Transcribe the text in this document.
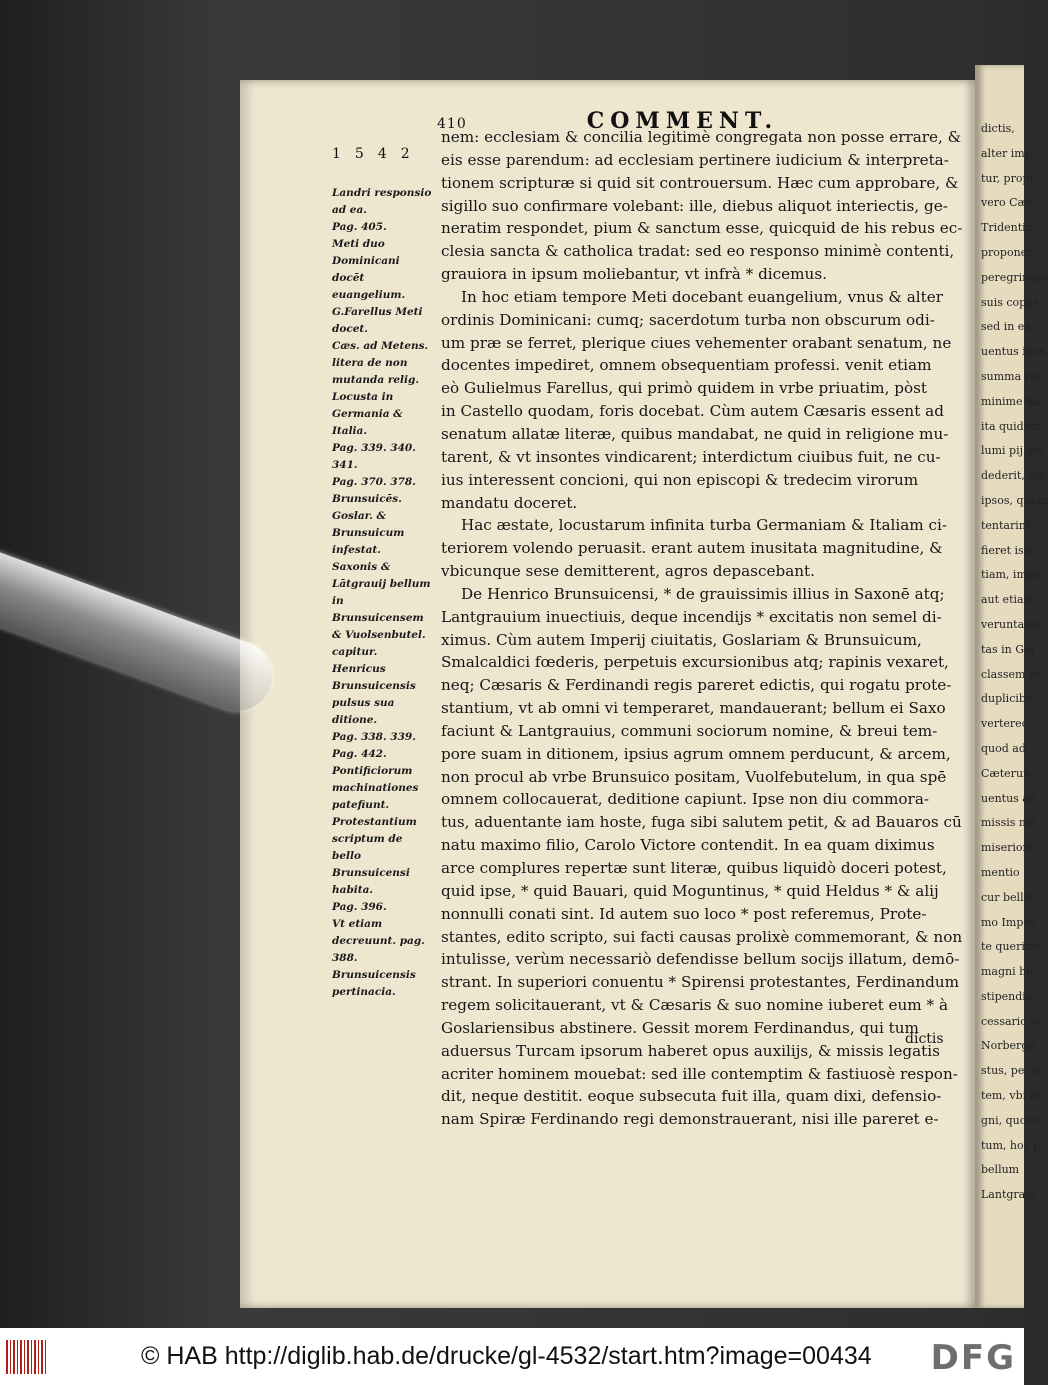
dictis,
alter imp
tur, propt
vero Cæs
Tridentin
proponer
peregrinum
suis copijs
sed in ea
uentus illos
summa rei
minime ita
ita quidem
lumi pij me
dederit, qui
ipsos, quem
tentarint
fieret isti
tiam, impe
aut etiam
veruntame
tas in Ger
classem et
duplicibe
verterec
quod ad
Cæterun
uentus ad
missis me
miseriori
mentio
cur bellic
mo Imper
te querime
magni hic
stipendio
cessario te
Norberga
stus, per in
tem, vbi N
gni, quoru
tum, hoc p
bellum
Lantgraui
410	COMMENT.
1542
Landri responsio ad ea.
Pag. 405.
Meti duo Dominicani docēt euangelium.
G.Farellus Meti docet.
Cæs. ad Metens. litera de non mutanda relig.
Locusta in Germania & Italia.
Pag. 339. 340. 341.
Pag. 370. 378.
Brunsuicēs. Goslar. & Brunsuicum infestat.
Saxonis & Lātgrauij bellum in Brunsuicensem & Vuolsenbutel. capitur.
Henricus Brunsuicensis pulsus sua ditione.
Pag. 338. 339.
Pag. 442.
Pontificiorum machinationes patefiunt.
Protestantium scriptum de bello Brunsuicensi habita.
Pag. 396.
Vt etiam decreuunt. pag. 388.
Brunsuicensis pertinacia.
nem: ecclesiam & concilia legitimè congregata non posse errare, &
eis esse parendum: ad ecclesiam pertinere iudicium & interpreta-
tionem scripturæ si quid sit controuersum. Hæc cum approbare, &
sigillo suo confirmare volebant: ille, diebus aliquot interiectis, ge-
neratim respondet, pium & sanctum esse, quicquid de his rebus ec-
clesia sancta & catholica tradat: sed eo responso minimè contenti,
grauiora in ipsum moliebantur, vt infrà * dicemus.
In hoc etiam tempore Meti docebant euangelium, vnus & alter
ordinis Dominicani: cumq; sacerdotum turba non obscurum odi-
um præ se ferret, plerique ciues vehementer orabant senatum, ne
docentes impediret, omnem obsequentiam professi. venit etiam
eò Gulielmus Farellus, qui primò quidem in vrbe priuatim, pòst
in Castello quodam, foris docebat. Cùm autem Cæsaris essent ad
senatum allatæ literæ, quibus mandabat, ne quid in religione mu-
tarent, & vt insontes vindicarent; interdictum ciuibus fuit, ne cu-
ius interessent concioni, qui non episcopi & tredecim virorum
mandatu doceret.
Hac æstate, locustarum infinita turba Germaniam & Italiam ci-
teriorem volendo peruasit. erant autem inusitata magnitudine, &
vbicunque sese demitterent, agros depascebant.
De Henrico Brunsuicensi, * de grauissimis illius in Saxonē atq;
Lantgrauium inuectiuis, deque incendijs * excitatis non semel di-
ximus. Cùm autem Imperij ciuitatis, Goslariam & Brunsuicum,
Smalcaldici fœderis, perpetuis excursionibus atq; rapinis vexaret,
neq; Cæsaris & Ferdinandi regis pareret edictis, qui rogatu prote-
stantium, vt ab omni vi temperaret, mandauerant; bellum ei Saxo
faciunt & Lantgrauius, communi sociorum nomine, & breui tem-
pore suam in ditionem, ipsius agrum omnem perducunt, & arcem,
non procul ab vrbe Brunsuico positam, Vuolfebutelum, in qua spē
omnem collocauerat, deditione capiunt. Ipse non diu commora-
tus, aduentante iam hoste, fuga sibi salutem petit, & ad Bauaros cū
natu maximo filio, Carolo Victore contendit. In ea quam diximus
arce complures repertæ sunt literæ, quibus liquidò doceri potest,
quid ipse, * quid Bauari, quid Moguntinus, * quid Heldus * & alij
nonnulli conati sint. Id autem suo loco * post referemus, Prote-
stantes, edito scripto, sui facti causas prolixè commemorant, & non
intulisse, verùm necessariò defendisse bellum socijs illatum, demō-
strant. In superiori conuentu * Spirensi protestantes, Ferdinandum
regem solicitauerant, vt & Cæsaris & suo nomine iuberet eum * à
Goslariensibus abstinere. Gessit morem Ferdinandus, qui tum
aduersus Turcam ipsorum haberet opus auxilijs, & missis legatis
acriter hominem mouebat: sed ille contemptim & fastiuosè respon-
dit, neque destitit. eoque subsecuta fuit illa, quam dixi, defensio-
nam Spiræ Ferdinando regi demonstrauerant, nisi ille pareret e-
dictis
© HAB http://diglib.hab.de/drucke/gl-4532/start.htm?image=00434 DFG
